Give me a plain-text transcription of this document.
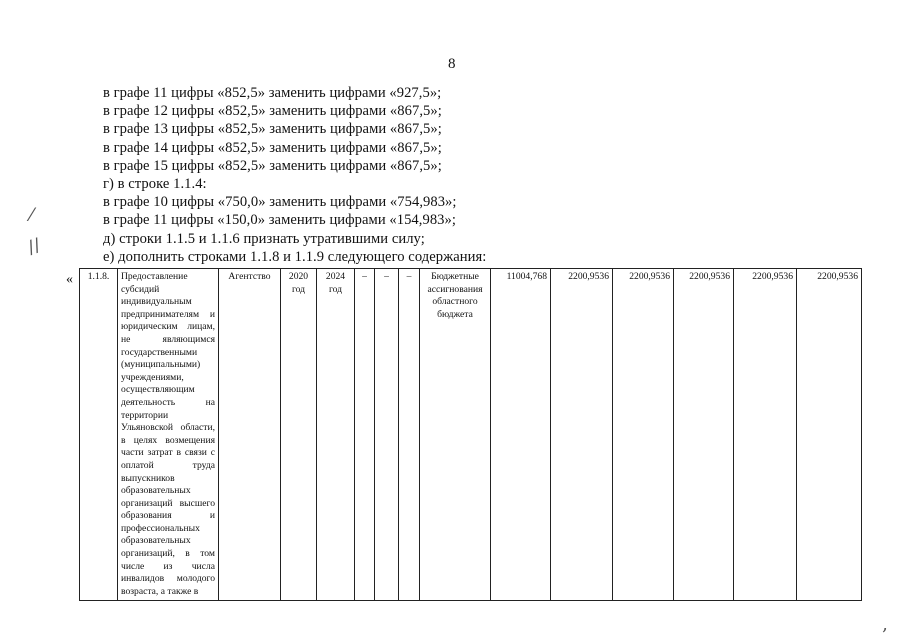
8
в графе 11 цифры «852,5» заменить цифрами «927,5»;
в графе 12 цифры «852,5» заменить цифрами «867,5»;
в графе 13 цифры «852,5» заменить цифрами «867,5»;
в графе 14 цифры «852,5» заменить цифрами «867,5»;
в графе 15 цифры «852,5» заменить цифрами «867,5»;
г) в строке 1.1.4:
в графе 10 цифры «750,0» заменить цифрами «754,983»;
в графе 11 цифры «150,0» заменить цифрами «154,983»;
д) строки 1.1.5 и 1.1.6 признать утратившими силу;
е) дополнить строками 1.1.8 и 1.1.9 следующего содержания:
« 1.1.8.	Предоставление субсидий индивидуальным предпринимателям и юридическим лицам, не являющимся государственными (муниципальными) учреждениями, осуществляющим деятельность на территории Ульяновской области, в целях возмещения части затрат в связи с оплатой труда выпускников образовательных организаций высшего образования и профессиональных образовательных организаций, в том числе из числа инвалидов молодого возраста, а также в	Агентство	2020 год	2024 год	–	–	–	Бюджетные ассигнования областного бюджета	11004,768	2200,9536	2200,9536	2200,9536	2200,9536	2200,9536
⁄
//
‚
